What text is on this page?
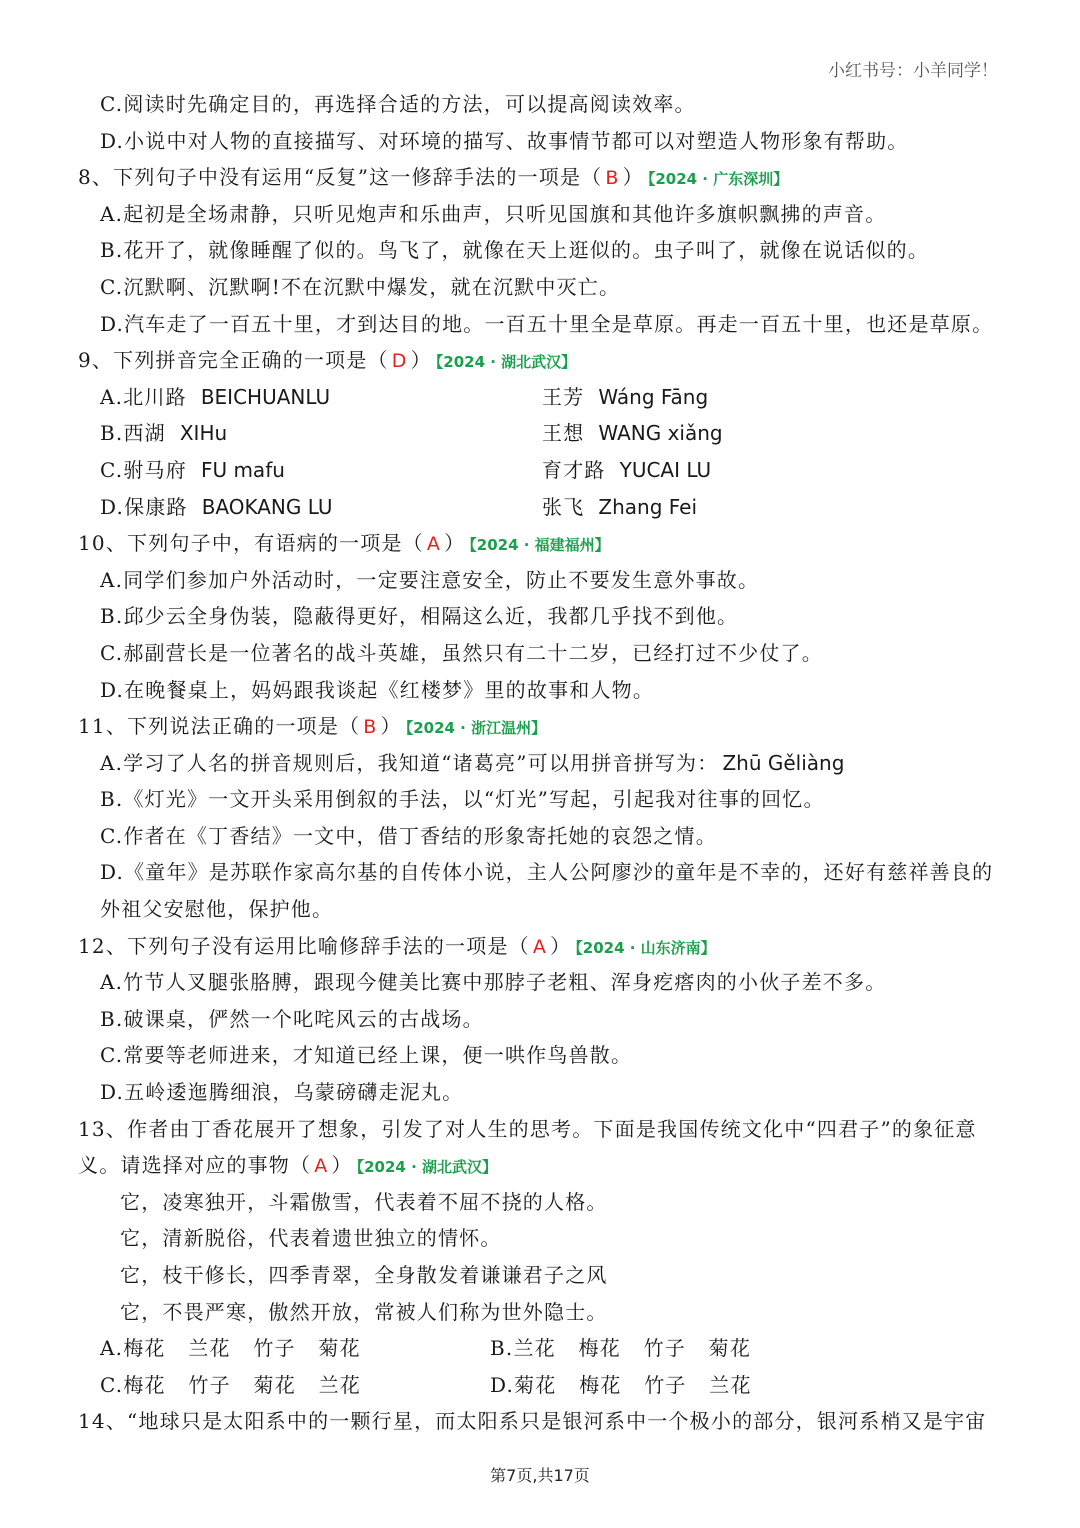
小红书号：小羊同学！
C.阅读时先确定目的，再选择合适的方法，可以提高阅读效率。
D.小说中对人物的直接描写、对环境的描写、故事情节都可以对塑造人物形象有帮助。
8、下列句子中没有运用“反复”这一修辞手法的一项是（ B ） 【2024 · 广东深圳】
A.起初是全场肃静，只听见炮声和乐曲声，只听见国旗和其他许多旗帜飘拂的声音。
B.花开了，就像睡醒了似的。鸟飞了，就像在天上逛似的。虫子叫了，就像在说话似的。
C.沉默啊、沉默啊!不在沉默中爆发，就在沉默中灭亡。
D.汽车走了一百五十里，才到达目的地。一百五十里全是草原。再走一百五十里，也还是草原。
9、下列拼音完全正确的一项是（ D ） 【2024 · 湖北武汉】
A.北川路 BEICHUANLU	王芳 Wáng Fāng
B.西湖 XIHu	王想 WANG xiǎng
C.驸马府 FU mafu	育才路 YUCAI LU
D.保康路 BAOKANG LU	张飞 Zhang Fei
10、下列句子中，有语病的一项是（ A ） 【2024 · 福建福州】
A.同学们参加户外活动时，一定要注意安全，防止不要发生意外事故。
B.邱少云全身伪装，隐蔽得更好，相隔这么近，我都几乎找不到他。
C.郝副营长是一位著名的战斗英雄，虽然只有二十二岁，已经打过不少仗了。
D.在晚餐桌上，妈妈跟我谈起《红楼梦》里的故事和人物。
11、下列说法正确的一项是（ B ） 【2024 · 浙江温州】
A.学习了人名的拼音规则后，我知道“诸葛亮”可以用拼音拼写为： Zhū Gěliàng
B.《灯光》一文开头采用倒叙的手法，以“灯光”写起，引起我对往事的回忆。
C.作者在《丁香结》一文中，借丁香结的形象寄托她的哀怨之情。
D.《童年》是苏联作家高尔基的自传体小说，主人公阿廖沙的童年是不幸的，还好有慈祥善良的
外祖父安慰他，保护他。
12、下列句子没有运用比喻修辞手法的一项是（ A ） 【2024 · 山东济南】
A.竹节人叉腿张胳膊，跟现今健美比赛中那脖子老粗、浑身疙瘩肉的小伙子差不多。
B.破课桌，俨然一个叱咤风云的古战场。
C.常要等老师进来，才知道已经上课，便一哄作鸟兽散。
D.五岭逶迤腾细浪，乌蒙磅礴走泥丸。
13、作者由丁香花展开了想象，引发了对人生的思考。下面是我国传统文化中“四君子”的象征意
义。请选择对应的事物（ A ） 【2024 · 湖北武汉】
它，凌寒独开，斗霜傲雪，代表着不屈不挠的人格。
它，清新脱俗，代表着遗世独立的情怀。
它，枝干修长，四季青翠，全身散发着谦谦君子之风
它，不畏严寒，傲然开放，常被人们称为世外隐士。
A.梅花   兰花   竹子   菊花	B.兰花   梅花   竹子   菊花
C.梅花   竹子   菊花   兰花	D.菊花   梅花   竹子   兰花
14、“地球只是太阳系中的一颗行星，而太阳系只是银河系中一个极小的部分，银河系梢又是宇宙
第7页,共17页
